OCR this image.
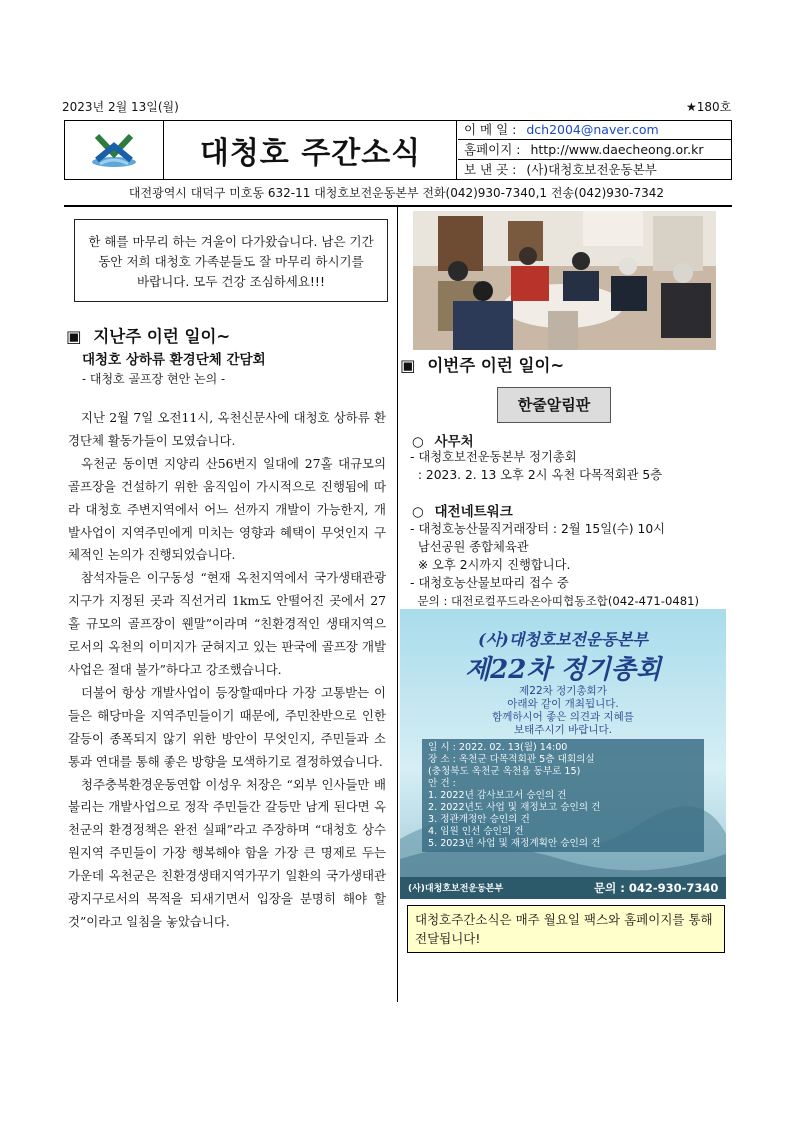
2023년 2월 13일(월)	★180호
대청호 주간소식
이 메 일 : dch2004@naver.com
홈페이지 : http://www.daecheong.or.kr
보 낸 곳 : (사)대청호보전운동본부
대전광역시 대덕구 미호동 632-11 대청호보전운동본부 전화(042)930-7340,1 전송(042)930-7342
한 해를 마무리 하는 겨울이 다가왔습니다. 남은 기간
동안 저희 대청호 가족분들도 잘 마무리 하시기를
바랍니다. 모두 건강 조심하세요!!!
▣ 지난주 이런 일이~
대청호 상하류 환경단체 간담회
- 대청호 골프장 현안 논의 -

지난 2월 7일 오전11시, 옥천신문사에 대청호 상하류 환경단체 활동가들이 모였습니다.

옥천군 동이면 지양리 산56번지 일대에 27홀 대규모의 골프장을 건설하기 위한 움직임이 가시적으로 진행됨에 따라 대청호 주변지역에서 어느 선까지 개발이 가능한지, 개발사업이 지역주민에게 미치는 영향과 혜택이 무엇인지 구체적인 논의가 진행되었습니다.

참석자들은 이구동성 “현재 옥천지역에서 국가생태관광지구가 지정된 곳과 직선거리 1km도 안떨어진 곳에서 27홀 규모의 골프장이 웬말”이라며 “친환경적인 생태지역으로서의 옥천의 이미지가 굳혀지고 있는 판국에 골프장 개발사업은 절대 불가”하다고 강조했습니다.

더불어 항상 개발사업이 등장할때마다 가장 고통받는 이들은 해당마을 지역주민들이기 때문에, 주민찬반으로 인한 갈등이 종폭되지 않기 위한 방안이 무엇인지, 주민들과 소통과 연대를 통해 좋은 방향을 모색하기로 결정하였습니다.

청주충북환경운동연합 이성우 처장은 “외부 인사들만 배불리는 개발사업으로 정작 주민들간 갈등만 남게 된다면 옥천군의 환경정책은 완전 실패”라고 주장하며 “대청호 상수원지역 주민들이 가장 행복해야 함을 가장 큰 명제로 두는 가운데 옥천군은 친환경생태지역가꾸기 일환의 국가생태관광지구로서의 목적을 되새기면서 입장을 분명히 해야 할 것”이라고 일침을 놓았습니다.

▣ 이번주 이런 일이~
한줄알림판
○ 사무처
- 대청호보전운동본부 정기총회
: 2023. 2. 13 오후 2시 옥천 다목적회관 5층
○ 대전네트워크
- 대청호농산물직거래장터 : 2월 15일(수) 10시
남선공원 종합체육관
※ 오후 2시까지 진행합니다.
- 대청호농산물보따리 접수 중
문의 : 대전로컬푸드라온아띠협동조합(042-471-0481)
(사)대청호보전운동본부
제22차 정기총회
제22차 정기총회가
아래와 같이 개최됩니다.
함께하시어 좋은 의견과 지혜를
보태주시기 바랍니다.
일 시 : 2022. 02. 13(월) 14:00
장 소 : 옥천군 다목적회관 5층 대회의실
(충청북도 옥천군 옥천읍 동부로 15)
안 건 :
1. 2022년 감사보고서 승인의 건
2. 2022년도 사업 및 재정보고 승인의 건
3. 정관개정안 승인의 건
4. 임원 인선 승인의 건
5. 2023년 사업 및 재정계획안 승인의 건
(사)대청호보전운동본부	문의 : 042-930-7340
대청호주간소식은 매주 월요일 팩스와 홈페이지를 통해 전달됩니다!
